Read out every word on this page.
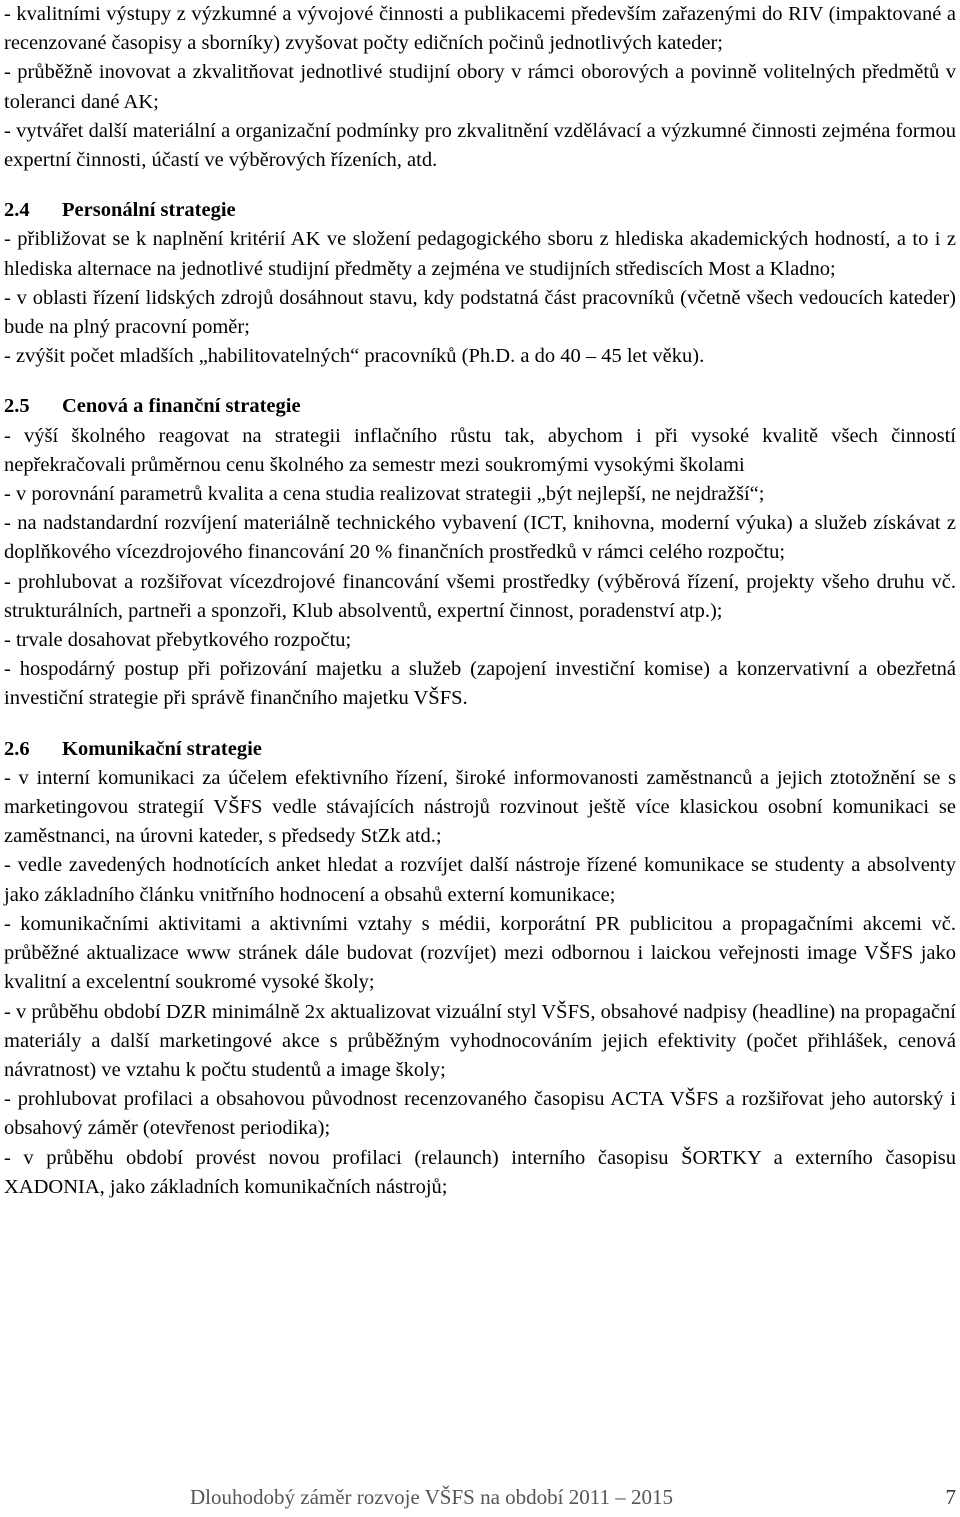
- kvalitními výstupy z výzkumné a vývojové činnosti a publikacemi především zařazenými do RIV (impaktované a recenzované časopisy a sborníky) zvyšovat počty edičních počinů jednotlivých kateder;

- průběžně inovovat a zkvalitňovat jednotlivé studijní obory v rámci oborových a povinně volitelných předmětů v toleranci dané AK;

- vytvářet další materiální a organizační podmínky pro zkvalitnění vzdělávací a výzkumné činnosti zejména formou expertní činnosti, účastí ve výběrových řízeních, atd.

2.4 Personální strategie

- přibližovat se k naplnění kritérií AK ve složení pedagogického sboru z hlediska akademických hodností, a to i z hlediska alternace na jednotlivé studijní předměty a zejména ve studijních střediscích Most a Kladno;

- v oblasti řízení lidských zdrojů dosáhnout stavu, kdy podstatná část pracovníků (včetně všech vedoucích kateder) bude na plný pracovní poměr;

- zvýšit počet mladších „habilitovatelných“ pracovníků (Ph.D. a do 40 – 45 let věku).

2.5 Cenová a finanční strategie

- výší školného reagovat na strategii inflačního růstu tak, abychom i při vysoké kvalitě všech činností nepřekračovali průměrnou cenu školného za semestr mezi soukromými vysokými školami

- v porovnání parametrů kvalita a cena studia realizovat strategii „být nejlepší, ne nejdražší“;

- na nadstandardní rozvíjení materiálně technického vybavení (ICT, knihovna, moderní výuka) a služeb získávat z doplňkového vícezdrojového financování 20 % finančních prostředků v rámci celého rozpočtu;

- prohlubovat a rozšiřovat vícezdrojové financování všemi prostředky (výběrová řízení, projekty všeho druhu vč. strukturálních, partneři a sponzoři, Klub absolventů, expertní činnost, poradenství atp.);

- trvale dosahovat přebytkového rozpočtu;

- hospodárný postup při pořizování majetku a služeb (zapojení investiční komise) a konzervativní a obezřetná investiční strategie při správě finančního majetku VŠFS.

2.6 Komunikační strategie

- v interní komunikaci za účelem efektivního řízení, široké informovanosti zaměstnanců a jejich ztotožnění se s marketingovou strategií VŠFS vedle stávajících nástrojů rozvinout ještě více klasickou osobní komunikaci se zaměstnanci, na úrovni kateder, s předsedy StZk atd.;

- vedle zavedených hodnotících anket hledat a rozvíjet další nástroje řízené komunikace se studenty a absolventy jako základního článku vnitřního hodnocení a obsahů externí komunikace;

- komunikačními aktivitami a aktivními vztahy s médii, korporátní PR publicitou a propagačními akcemi vč. průběžné aktualizace www stránek dále budovat (rozvíjet) mezi odbornou i laickou veřejnosti image VŠFS jako kvalitní a excelentní soukromé vysoké školy;

- v průběhu období DZR minimálně 2x aktualizovat vizuální styl VŠFS, obsahové nadpisy (headline) na propagační materiály a další marketingové akce s průběžným vyhodnocováním jejich efektivity (počet přihlášek, cenová návratnost) ve vztahu k počtu studentů a image školy;

- prohlubovat profilaci a obsahovou původnost recenzovaného časopisu ACTA VŠFS a rozšiřovat jeho autorský i obsahový záměr (otevřenost periodika);

- v průběhu období provést novou profilaci (relaunch) interního časopisu ŠORTKY a externího časopisu XADONIA, jako základních komunikačních nástrojů;

Dlouhodobý záměr rozvoje VŠFS na období 2011 – 2015	7
